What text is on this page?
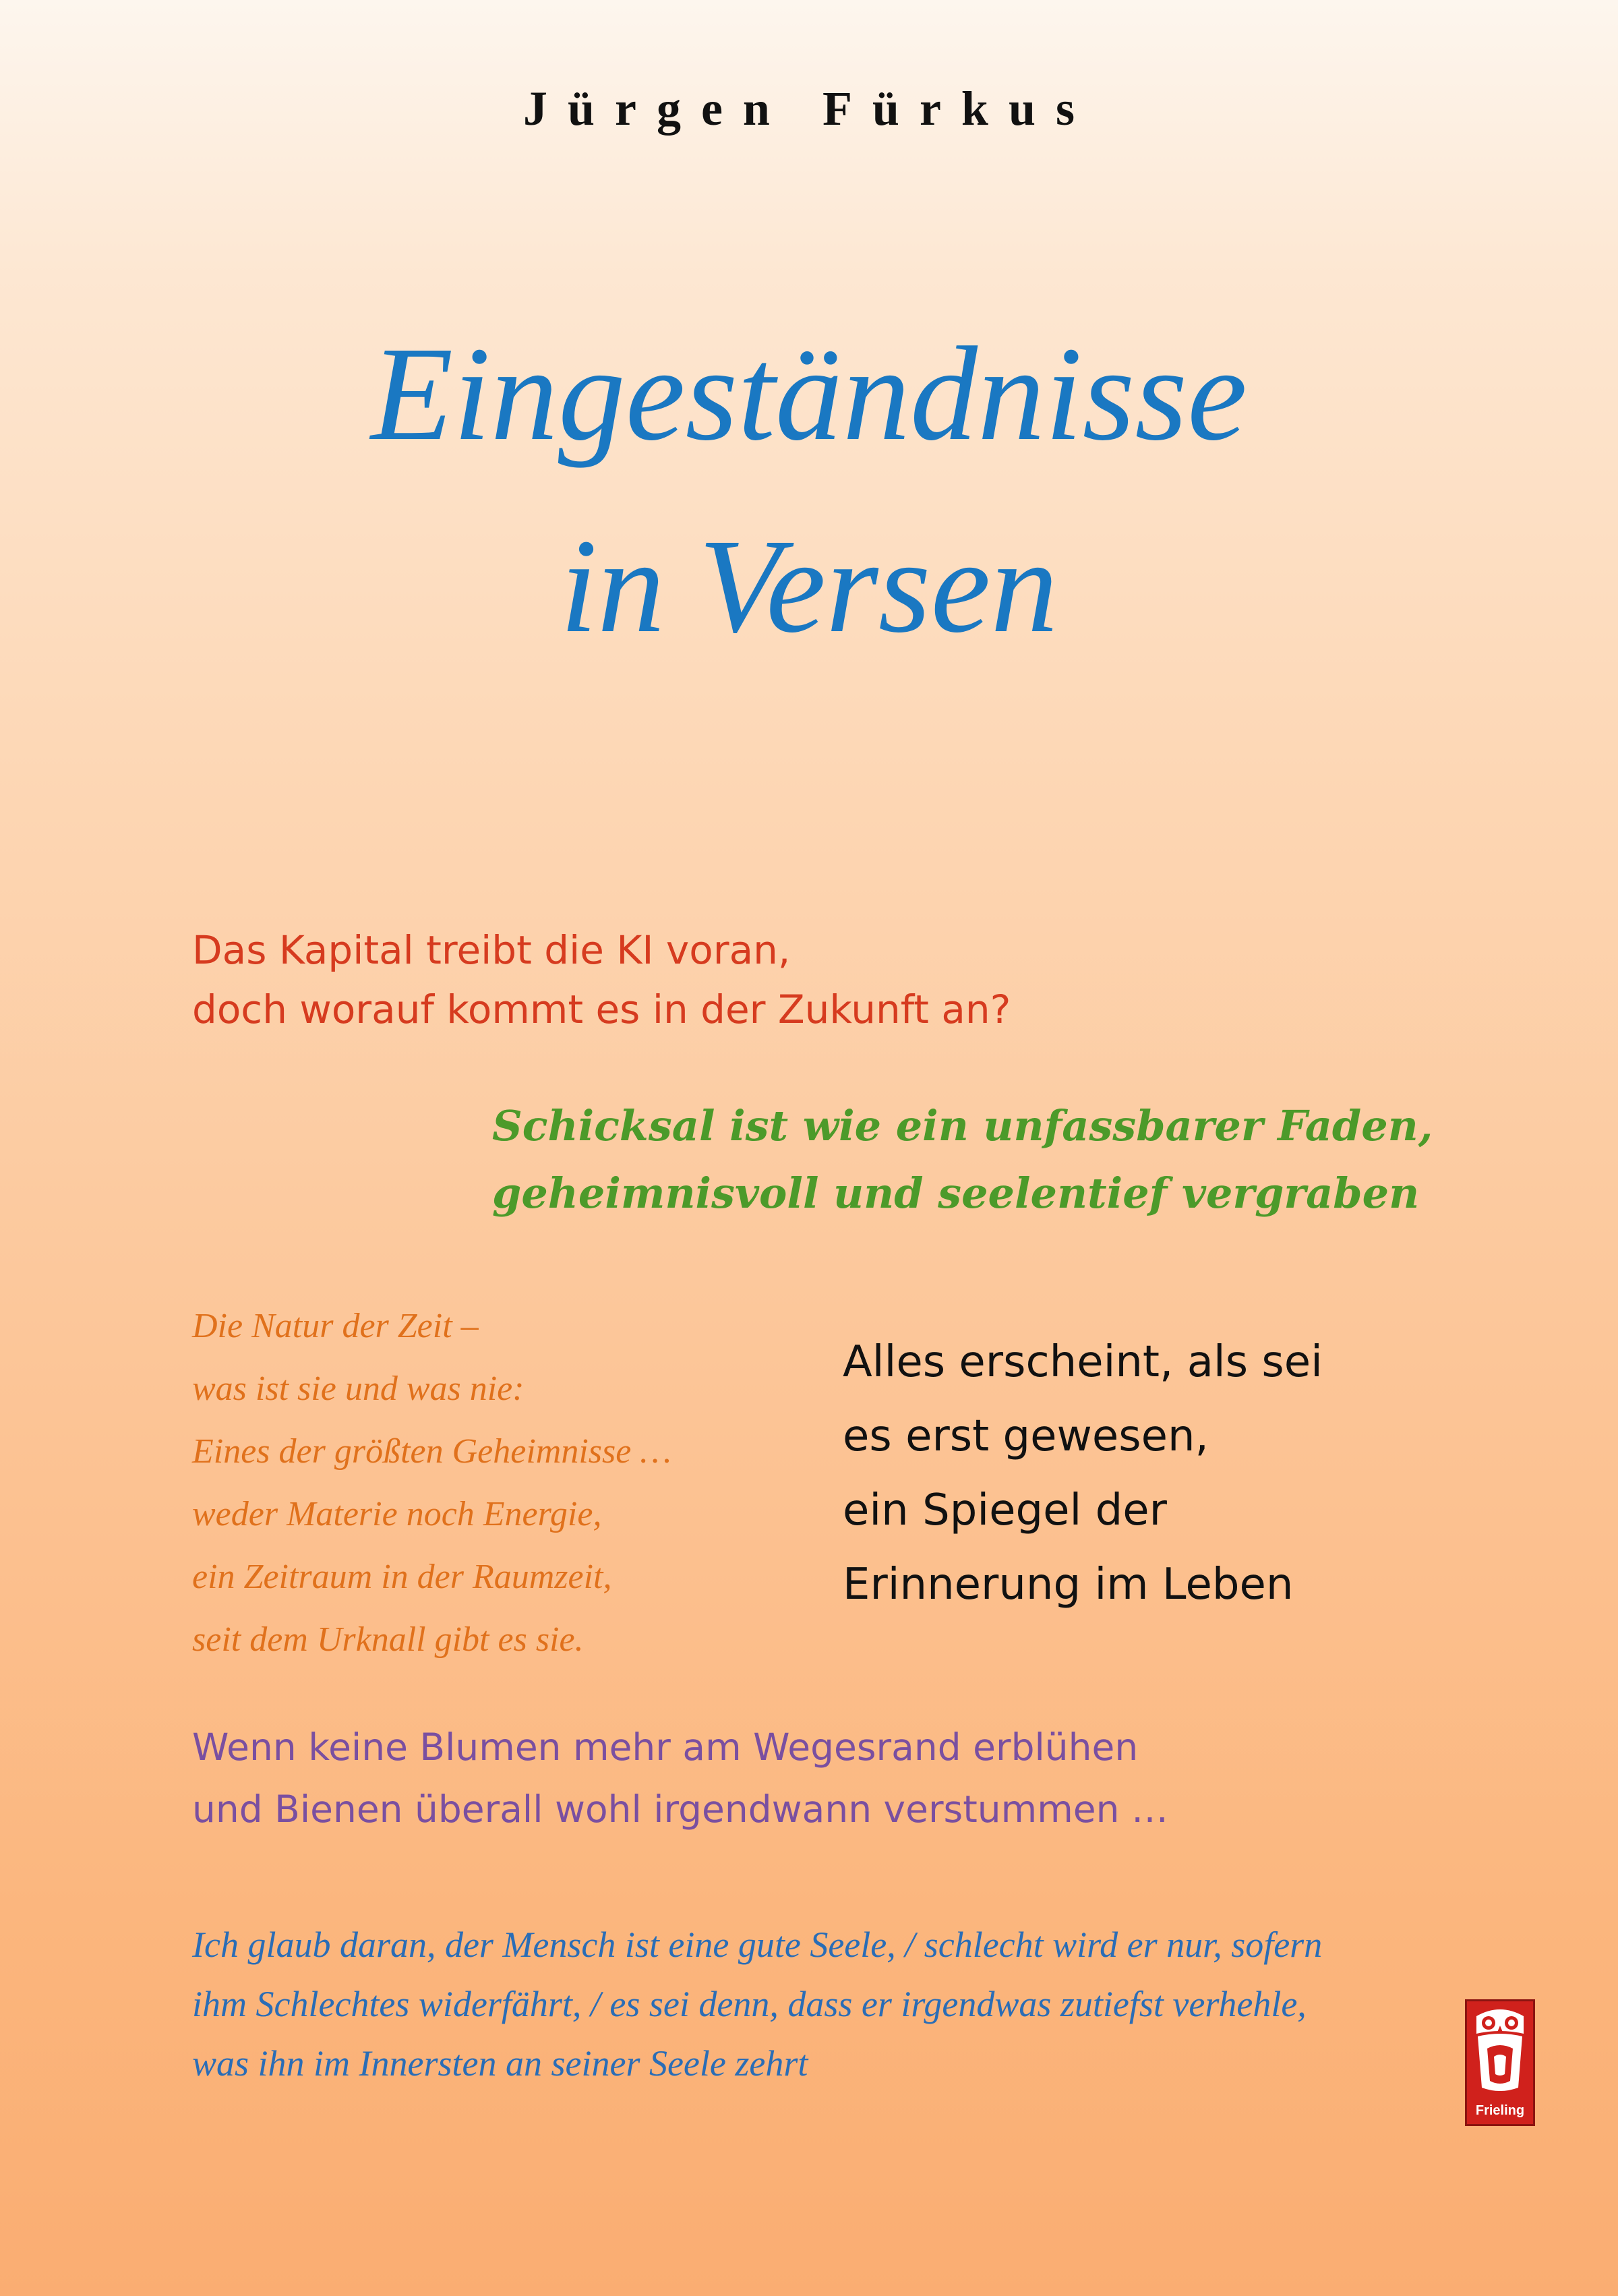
Jürgen Fürkus
Eingeständnisse
in Versen
Das Kapital treibt die KI voran,
doch worauf kommt es in der Zukunft an?
Schicksal ist wie ein unfassbarer Faden,
geheimnisvoll und seelentief vergraben
Die Natur der Zeit –
was ist sie und was nie:
Eines der größten Geheimnisse …
weder Materie noch Energie,
ein Zeitraum in der Raumzeit,
seit dem Urknall gibt es sie.
Alles erscheint, als sei
es erst gewesen,
ein Spiegel der
Erinnerung im Leben
Wenn keine Blumen mehr am Wegesrand erblühen
und Bienen überall wohl irgendwann verstummen …
Ich glaub daran, der Mensch ist eine gute Seele, / schlecht wird er nur, sofern
ihm Schlechtes widerfährt, / es sei denn, dass er irgendwas zutiefst verhehle,
was ihn im Innersten an seiner Seele zehrt
Frieling
